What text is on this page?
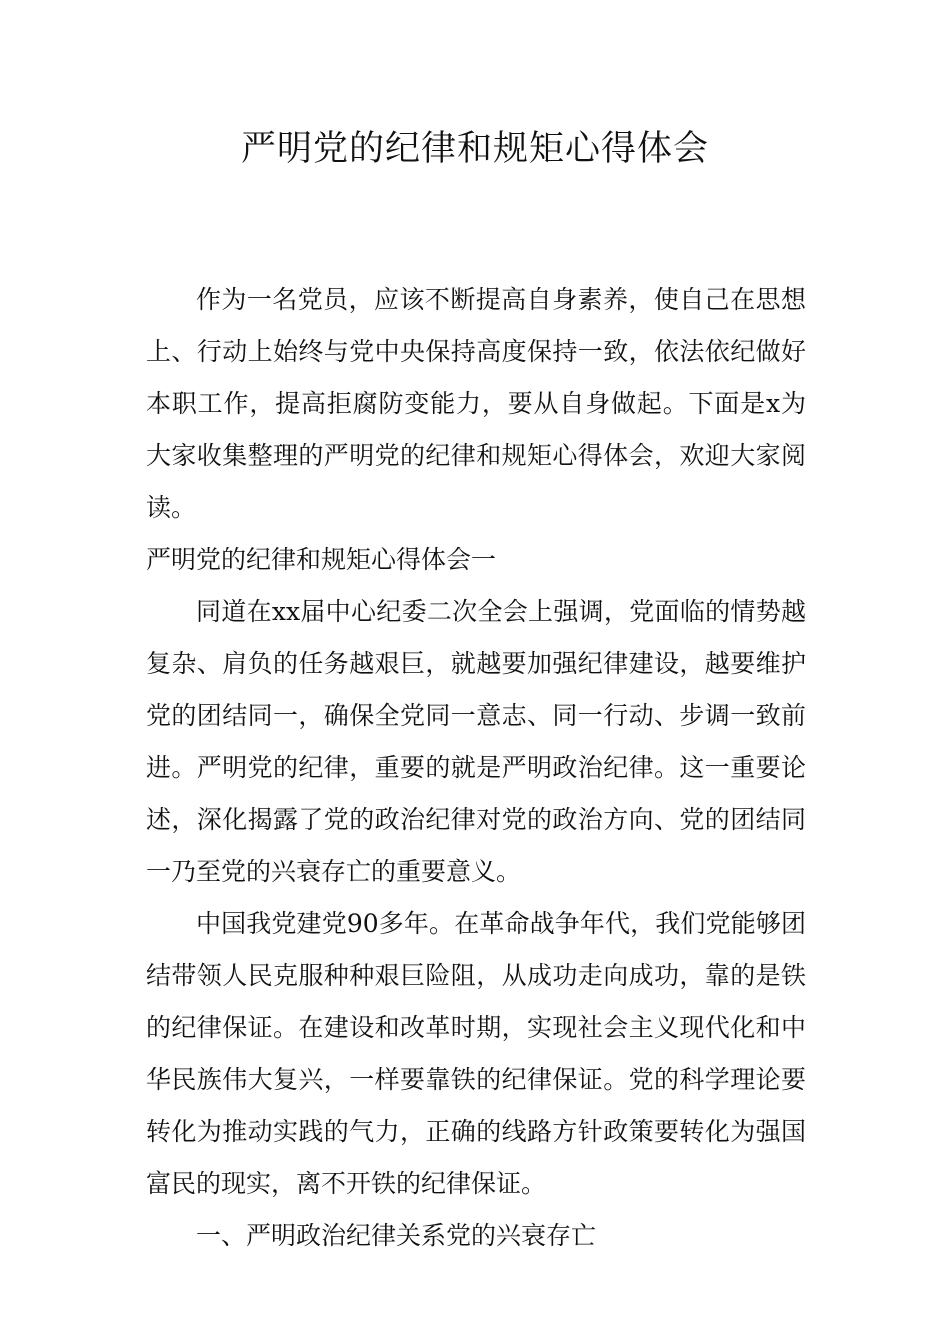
严明党的纪律和规矩心得体会

作为一名党员，应该不断提高自身素养，使自己在思想上、行动上始终与党中央保持高度保持一致，依法依纪做好本职工作，提高拒腐防变能力，要从自身做起。下面是x为大家收集整理的严明党的纪律和规矩心得体会，欢迎大家阅读。

严明党的纪律和规矩心得体会一

同道在xx届中心纪委二次全会上强调，党面临的情势越复杂、肩负的任务越艰巨，就越要加强纪律建设，越要维护党的团结同一，确保全党同一意志、同一行动、步调一致前进。严明党的纪律，重要的就是严明政治纪律。这一重要论述，深化揭露了党的政治纪律对党的政治方向、党的团结同一乃至党的兴衰存亡的重要意义。

中国我党建党90多年。在革命战争年代，我们党能够团结带领人民克服种种艰巨险阻，从成功走向成功，靠的是铁的纪律保证。在建设和改革时期，实现社会主义现代化和中华民族伟大复兴，一样要靠铁的纪律保证。党的科学理论要转化为推动实践的气力，正确的线路方针政策要转化为强国富民的现实，离不开铁的纪律保证。

一、严明政治纪律关系党的兴衰存亡
